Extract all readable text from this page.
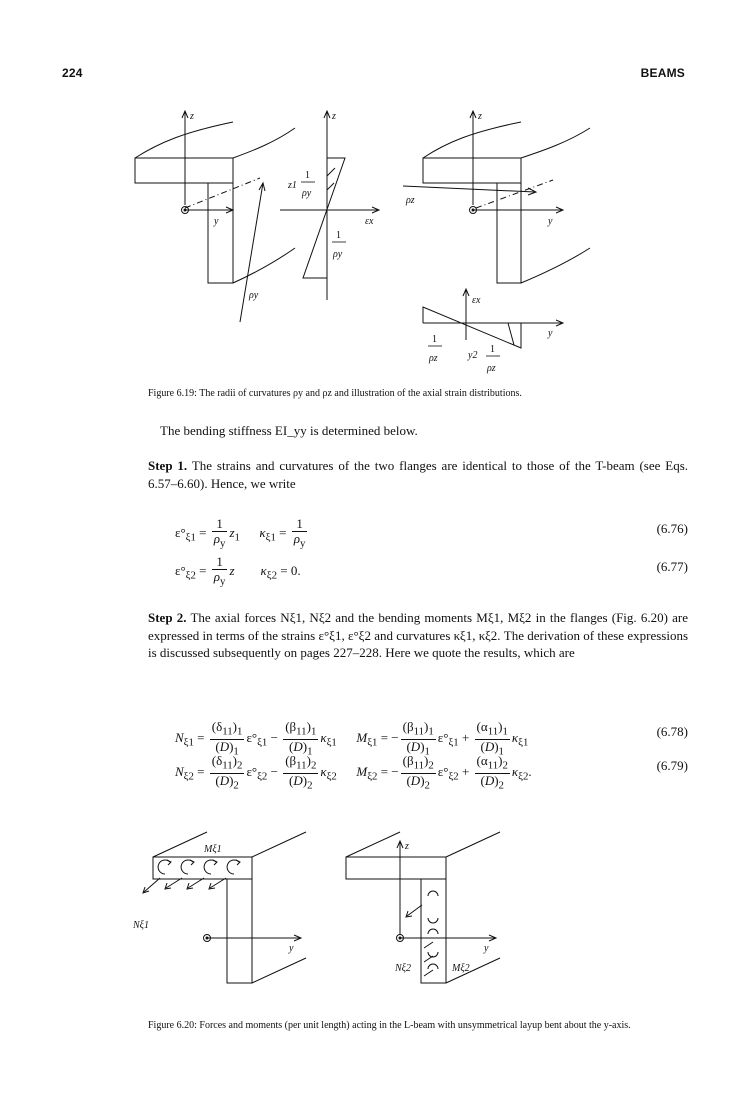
224	BEAMS
z
y
ρy
z
z1
1
ρy
εx
1
ρy
z
ρz
y
εx
y
1
ρz	y2
1
ρz
Figure 6.19: The radii of curvatures ρy and ρz and illustration of the axial strain distributions.
The bending stiffness EI_yy is determined below.
Step 1. The strains and curvatures of the two flanges are identical to those of the T-beam (see Eqs. 6.57–6.60). Hence, we write
$\varepsilon^\circ_{\xi 1} = \frac{1}{\rho_y} z_1$ $\kappa_{\xi 1} = \frac{1}{\rho_y}$	(6.76)
$\varepsilon^\circ_{\xi 2} = \frac{1}{\rho_y}$ z $\kappa_{\xi 2} = 0$.	(6.77)
Step 2. The axial forces Nξ1, Nξ2 and the bending moments Mξ1, Mξ2 in the flanges (Fig. 6.20) are expressed in terms of the strains ε°ξ1, ε°ξ2 and curvatures κξ1, κξ2. The derivation of these expressions is discussed subsequently on pages 227–228. Here we quote the results, which are
$N_{\xi 1} = \frac{(\delta_{11})_1}{(D)_1} \varepsilon^\circ_{\xi 1} - \frac{(\beta_{11})_1}{(D)_1} \kappa_{\xi 1}$ $M_{\xi 1}$ = − $\frac{(\beta_{11})_1}{(D)_1} \varepsilon^\circ_{\xi 1} + \frac{(\alpha_{11})_1}{(D)_1} \kappa_{\xi 1}$
(6.78)
$N_{\xi 2} = \frac{(\delta_{11})_2}{(D)_2} \varepsilon^\circ_{\xi 2} - \frac{(\beta_{11})_2}{(D)_2} \kappa_{\xi 2}$ $M_{\xi 2}$ = − $\frac{(\beta_{11})_2}{(D)_2} \varepsilon^\circ_{\xi 2} + \frac{(\alpha_{11})_2}{(D)_2} \kappa_{\xi 2}$.	(6.79)
Mξ1
Nξ1
y
z
y
Nξ2	Mξ2
Figure 6.20: Forces and moments (per unit length) acting in the L-beam with unsymmetrical layup bent about the y-axis.
